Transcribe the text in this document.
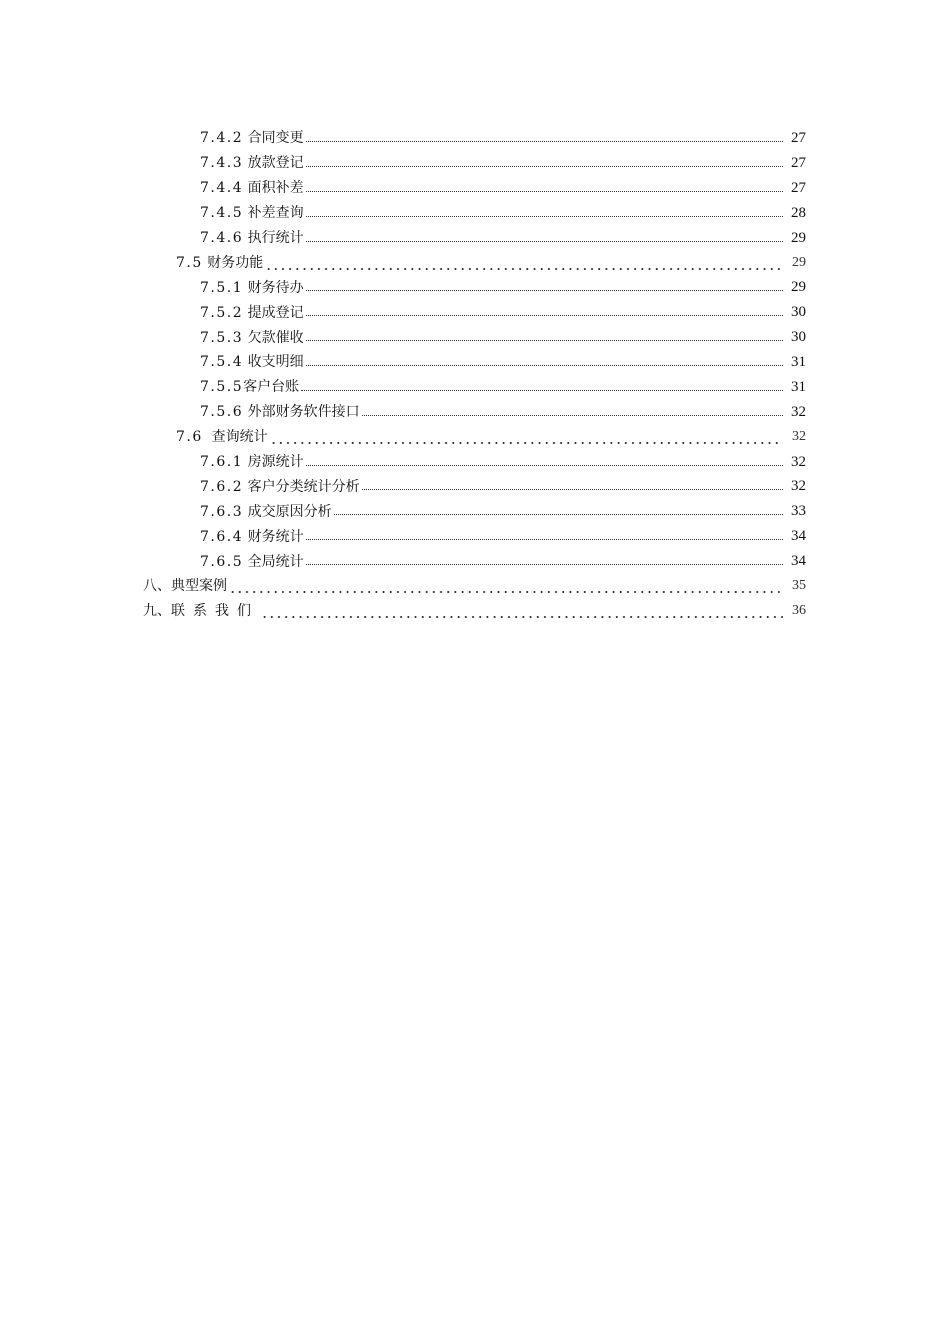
7.4.2 合同变更	27
7.4.3 放款登记	27
7.4.4 面积补差	27
7.4.5 补差查询	28
7.4.6 执行统计	29
7.5 财务功能	29
7.5.1 财务待办	29
7.5.2 提成登记	30
7.5.3 欠款催收	30
7.5.4 收支明细	31
7.5.5客户台账	31
7.5.6 外部财务软件接口	32
7.6 查询统计	32
7.6.1 房源统计	32
7.6.2 客户分类统计分析	32
7.6.3 成交原因分析	33
7.6.4 财务统计	34
7.6.5 全局统计	34
八、典型案例	35
九、联系我们	36
